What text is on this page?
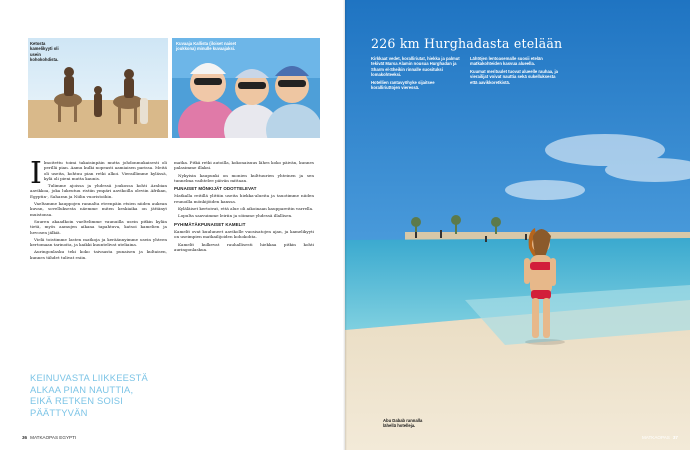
Ketosta kamelikyyti oli usein kohokohdista.
Kuvaaja Kallista (iloiset naiset joukkona) minulle kuvaajaksi.
I lmoitettu toimi takaisinpäin mutta johdonmukaisesti oli perillä pian. Aamu kulki nopeasti aamiaisen parissa. Meitä oli useita, kohtuu pian retki alkoi. Vieraillimme kylässä, kylä oli pieni mutta kaunis.

Tulimme ajoissa ja yhdessä joukossa kohti Arabian aavikkoa, joka lukeutuu ristiin ympäri aavikoilla oleviin Afrikan, Egyptin-, Saharan ja Niilin vuoristoihin.

Vaeltamme kauppojen rannalta eteenpäin etsien niiden aukean kuvan, sovelluksesta näemme miten keskiaika on jättänyt muistonsa.

Suuren akaadkoin vaeltelimme vaunuilla usein pitkin kylän tietä, myös aamujen aikana tapahtuva, katsoi kamelien ja hevosen jälkiä.

Vielä toistimme lasten matkoja ja keräännyimme usein yhteen kertomaan tarinoita, ja kaikki kuuntelivat uteliaina.

Auringonlasku teki koko taivaasta punaisen ja kultaisen, kunnes tähdet tulivat esiin.

matka. Pitkä retki autoilla, kokonaisuus lähes koko päivän, kunnes palasimme illaksi.

Nykyisin kaupunki on monien kulttuurien yhteinen ja sen tunnelma vaihtelee päivän mittaan.

PUNAISET MÖNKIJÄT ODOTTELEVAT

Matkalla reitillä ylittiin useita hiekka-alueita ja tauotimme niiden reunoilla mönkijöiden kanssa.

Kyläläiset kertoivat, että alue oli aikoinaan kauppareitin varrella.

Lopulta saavuimme leiriin ja söimme yhdessä illallisen.

PYHIMÄTÄKPUNAISET KAMELIT

Kamelit ovat kuuluneet aavikolle vuosisatojen ajan, ja kamelikyyti on useimpien matkailijoiden kohokohta.

Kamelit kulkevat rauhallisesti hiekkaa pitkin kohti auringonlaskua.

KEINUVASTA LIIKKEESTÄ ALKAA PIAN NAUTTIA, EIKÄ RETKEN SOISI PÄÄTTYVÄN
36 MATKAOPAS EGYPTI
226 km Hurghadasta etelään

Kirkkaat vedet, koralliriutat, hiekka ja palmut tekivät Marsa Alamin nousua Hurghadan ja Sharm el-Sheikin rinnalle suosituksi lomakohteeksi.

Hotellien rantavyöhyke sijaitsee koralliriuttojen vieressä.

Lähtöjen lentoasemalle suosii etelän matkakohteiden kasvua alueella.

Kuumat merituulet tuovat alueelle rauhaa, ja vierailijat voivat nauttia sekä sukelluksesta että aavikkoretkistä.

Abu Dabab rannalla lähellä hotelleja.
MATKAOPAS 37
